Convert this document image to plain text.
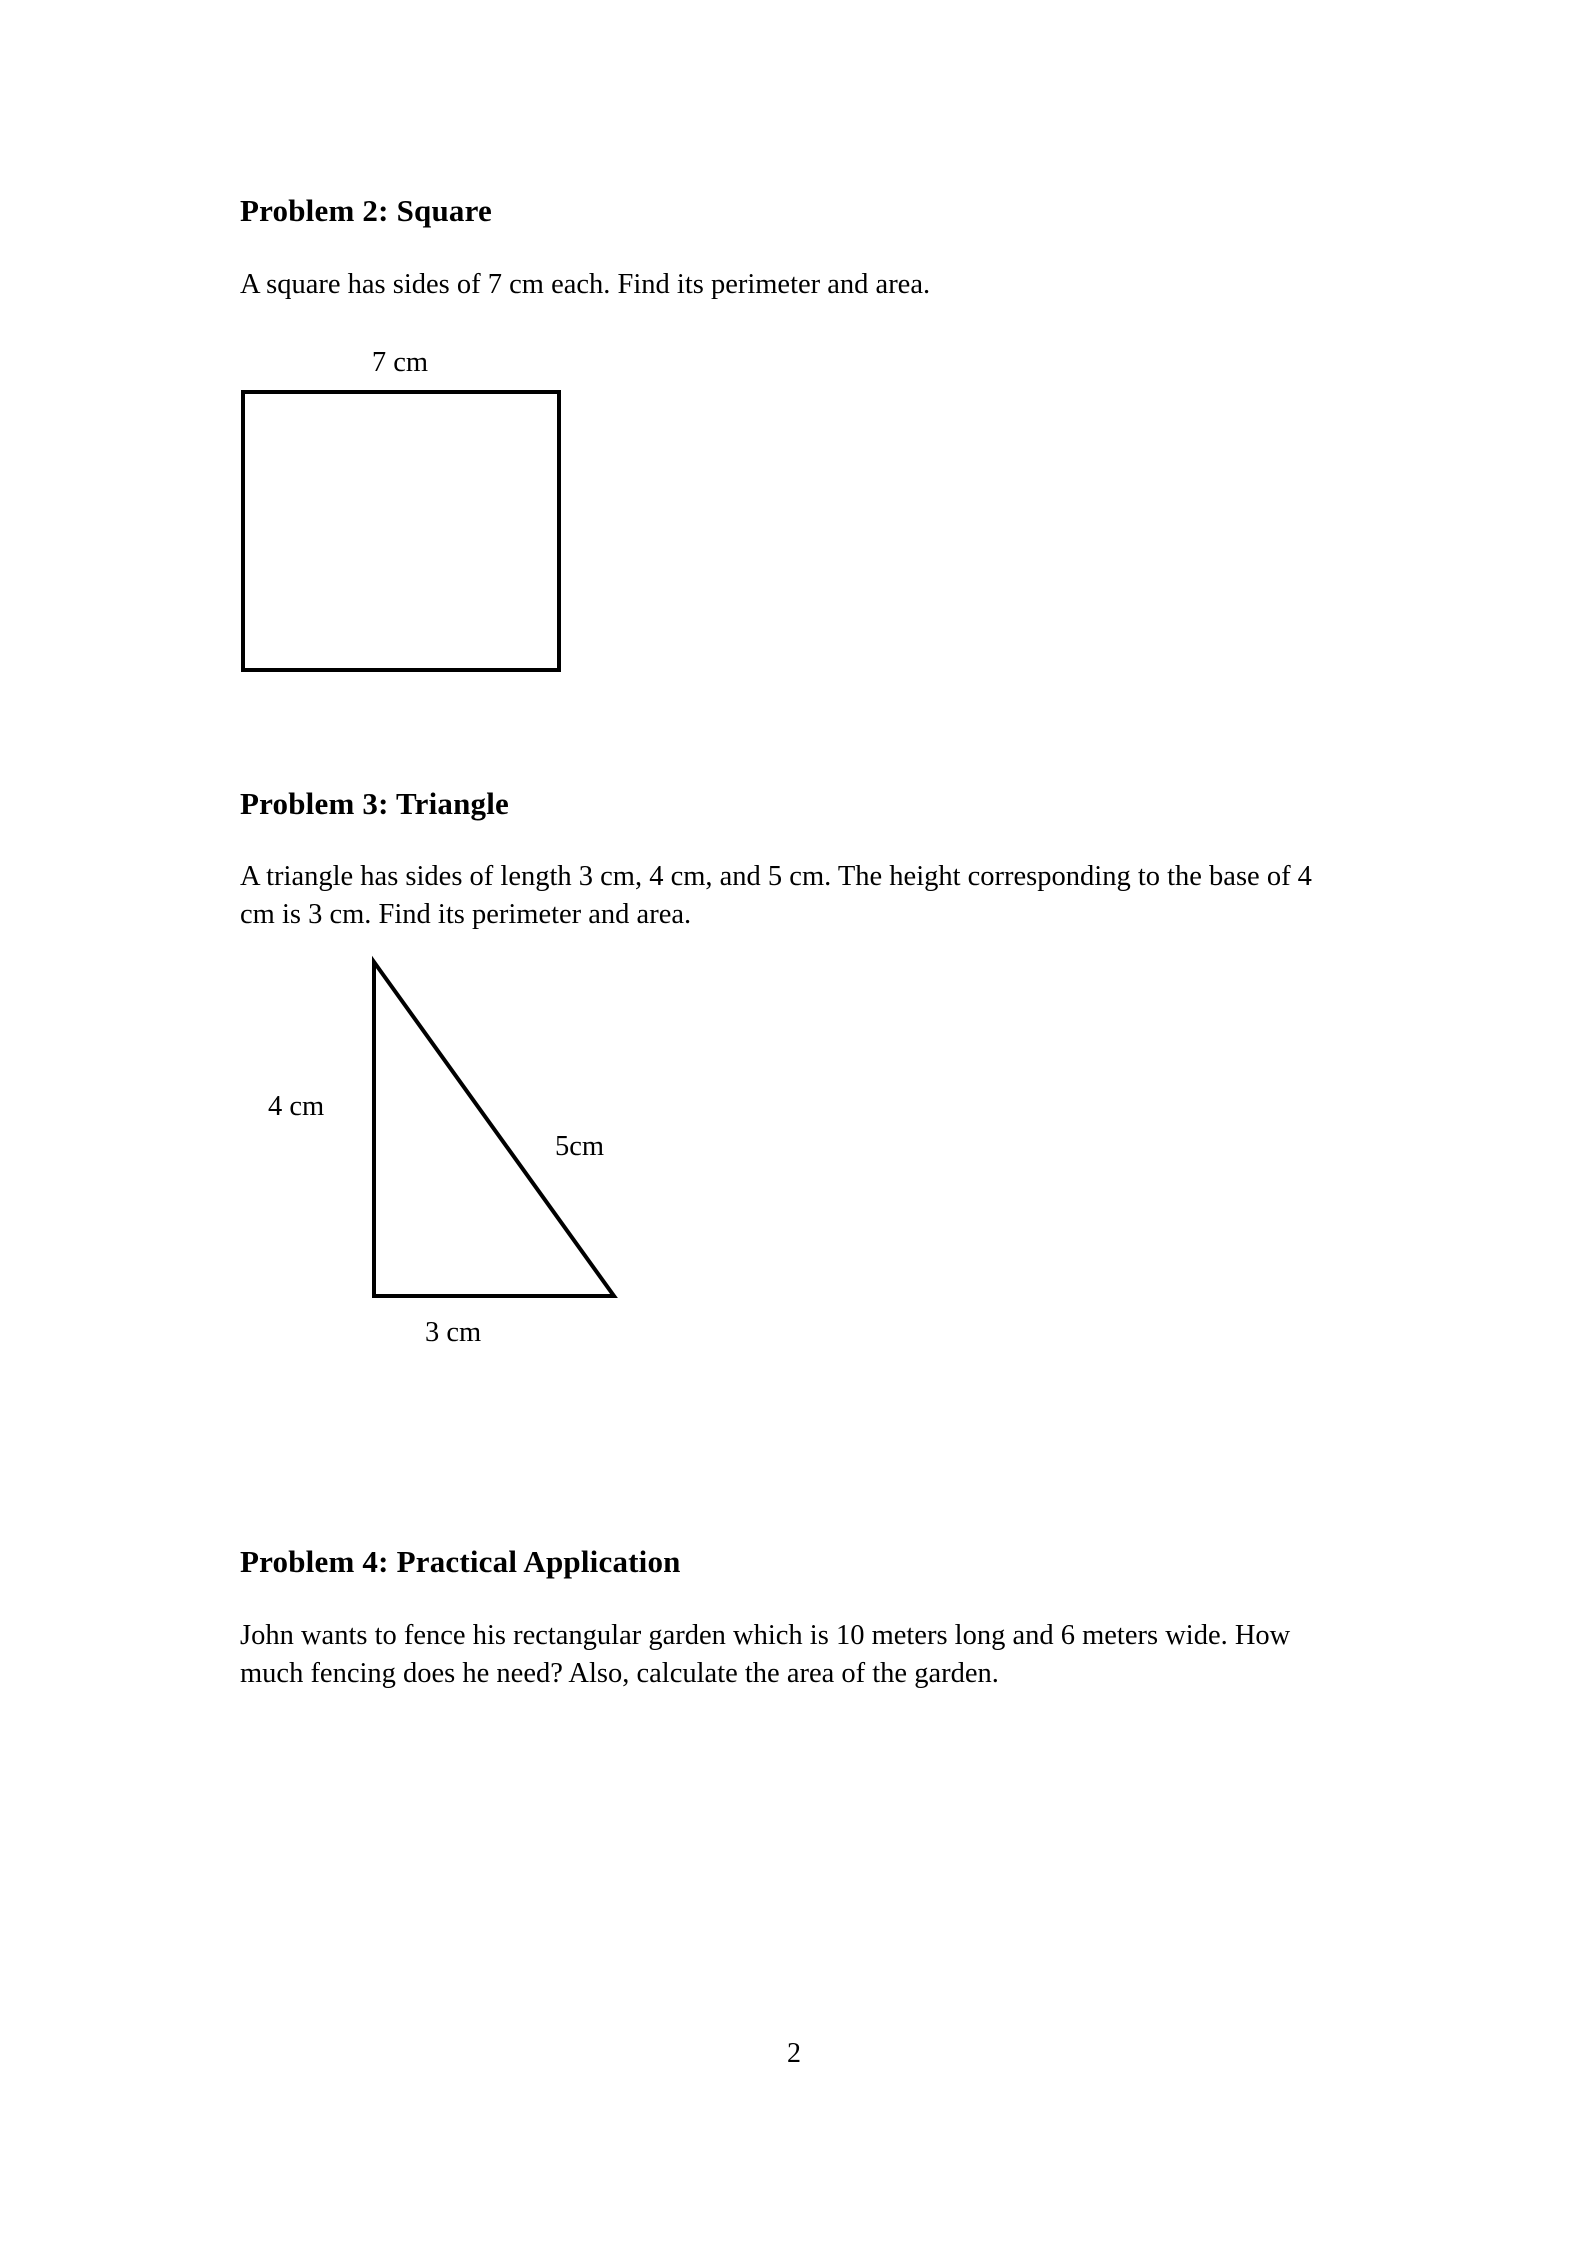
Problem 2: Square

A square has sides of 7 cm each. Find its perimeter and area.

7 cm
Problem 3: Triangle

A triangle has sides of length 3 cm, 4 cm, and 5 cm. The height corresponding to the base of 4 cm is 3 cm. Find its perimeter and area.

4 cm
5cm
3 cm
Problem 4: Practical Application

John wants to fence his rectangular garden which is 10 meters long and 6 meters wide. How much fencing does he need? Also, calculate the area of the garden.

2
